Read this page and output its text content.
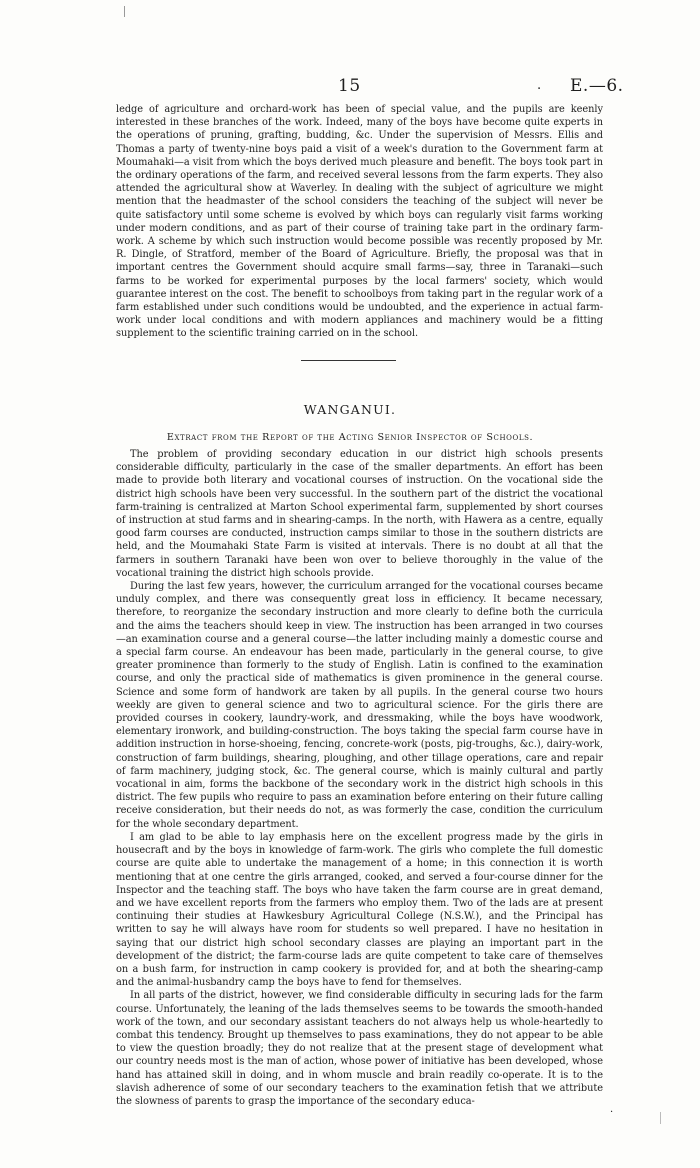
15	. E.—6.

ledge of agriculture and orchard-work has been of special value, and the pupils are keenly interested in these branches of the work. Indeed, many of the boys have become quite experts in the operations of pruning, grafting, budding, &c. Under the supervision of Messrs. Ellis and Thomas a party of twenty-nine boys paid a visit of a week's duration to the Government farm at Moumahaki—a visit from which the boys derived much pleasure and benefit. The boys took part in the ordinary operations of the farm, and received several lessons from the farm experts. They also attended the agricultural show at Waverley. In dealing with the subject of agriculture we might mention that the headmaster of the school considers the teaching of the subject will never be quite satisfactory until some scheme is evolved by which boys can regularly visit farms working under modern conditions, and as part of their course of training take part in the ordinary farm-work. A scheme by which such instruction would become possible was recently proposed by Mr. R. Dingle, of Stratford, member of the Board of Agriculture. Briefly, the proposal was that in important centres the Government should acquire small farms—say, three in Taranaki—such farms to be worked for experimental purposes by the local farmers' society, which would guarantee interest on the cost. The benefit to schoolboys from taking part in the regular work of a farm established under such conditions would be undoubted, and the experience in actual farm-work under local conditions and with modern appliances and machinery would be a fitting supplement to the scientific training carried on in the school.

WANGANUI.
Extract from the Report of the Acting Senior Inspector of Schools.

The problem of providing secondary education in our district high schools presents considerable difficulty, particularly in the case of the smaller departments. An effort has been made to provide both literary and vocational courses of instruction. On the vocational side the district high schools have been very successful. In the southern part of the district the vocational farm-training is centralized at Marton School experimental farm, supplemented by short courses of instruction at stud farms and in shearing-camps. In the north, with Hawera as a centre, equally good farm courses are conducted, instruction camps similar to those in the southern districts are held, and the Moumahaki State Farm is visited at intervals. There is no doubt at all that the farmers in southern Taranaki have been won over to believe thoroughly in the value of the vocational training the district high schools provide.

During the last few years, however, the curriculum arranged for the vocational courses became unduly complex, and there was consequently great loss in efficiency. It became necessary, therefore, to reorganize the secondary instruction and more clearly to define both the curricula and the aims the teachers should keep in view. The instruction has been arranged in two courses—an examination course and a general course—the latter including mainly a domestic course and a special farm course. An endeavour has been made, particularly in the general course, to give greater prominence than formerly to the study of English. Latin is confined to the examination course, and only the practical side of mathematics is given prominence in the general course. Science and some form of handwork are taken by all pupils. In the general course two hours weekly are given to general science and two to agricultural science. For the girls there are provided courses in cookery, laundry-work, and dressmaking, while the boys have woodwork, elementary ironwork, and building-construction. The boys taking the special farm course have in addition instruction in horse-shoeing, fencing, concrete-work (posts, pig-troughs, &c.), dairy-work, construction of farm buildings, shearing, ploughing, and other tillage operations, care and repair of farm machinery, judging stock, &c. The general course, which is mainly cultural and partly vocational in aim, forms the backbone of the secondary work in the district high schools in this district. The few pupils who require to pass an examination before entering on their future calling receive consideration, but their needs do not, as was formerly the case, condition the curriculum for the whole secondary department.

I am glad to be able to lay emphasis here on the excellent progress made by the girls in housecraft and by the boys in knowledge of farm-work. The girls who complete the full domestic course are quite able to undertake the management of a home; in this connection it is worth mentioning that at one centre the girls arranged, cooked, and served a four-course dinner for the Inspector and the teaching staff. The boys who have taken the farm course are in great demand, and we have excellent reports from the farmers who employ them. Two of the lads are at present continuing their studies at Hawkesbury Agricultural College (N.S.W.), and the Principal has written to say he will always have room for students so well prepared. I have no hesitation in saying that our district high school secondary classes are playing an important part in the development of the district; the farm-course lads are quite competent to take care of themselves on a bush farm, for instruction in camp cookery is provided for, and at both the shearing-camp and the animal-husbandry camp the boys have to fend for themselves.

In all parts of the district, however, we find considerable difficulty in securing lads for the farm course. Unfortunately, the leaning of the lads themselves seems to be towards the smooth-handed work of the town, and our secondary assistant teachers do not always help us whole-heartedly to combat this tendency. Brought up themselves to pass examinations, they do not appear to be able to view the question broadly; they do not realize that at the present stage of development what our country needs most is the man of action, whose power of initiative has been developed, whose hand has attained skill in doing, and in whom muscle and brain readily co-operate. It is to the slavish adherence of some of our secondary teachers to the examination fetish that we attribute the slowness of parents to grasp the importance of the secondary educa-

·
